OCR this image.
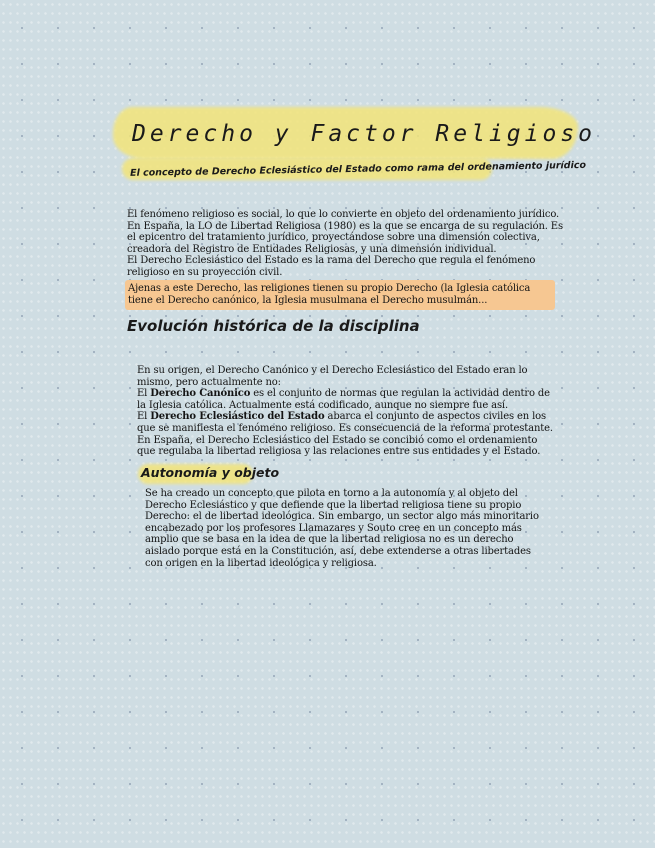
Derecho y Factor Religioso
El concepto de Derecho Eclesiástico del Estado como rama del ordenamiento jurídico

El fenómeno religioso es social, lo que lo convierte en objeto del ordenamiento jurídico.

En España, la LO de Libertad Religiosa (1980) es la que se encarga de su regulación. Es el epicentro del tratamiento jurídico, proyectándose sobre una dimensión colectiva, creadora del Registro de Entidades Religiosas, y una dimensión individual.

El Derecho Eclesiástico del Estado es la rama del Derecho que regula el fenómeno religioso en su proyección civil.

Ajenas a este Derecho, las religiones tienen su propio Derecho (la Iglesia católica tiene el Derecho canónico, la Iglesia musulmana el Derecho musulmán...

Evolución histórica de la disciplina

En su origen, el Derecho Canónico y el Derecho Eclesiástico del Estado eran lo mismo, pero actualmente no:

El Derecho Canónico es el conjunto de normas que regulan la actividad dentro de la Iglesia católica. Actualmente está codificado, aunque no siempre fue así.

El Derecho Eclesiástico del Estado abarca el conjunto de aspectos civiles en los que se manifiesta el fenómeno religioso. Es consecuencia de la reforma protestante.

En España, el Derecho Eclesiástico del Estado se concibió como el ordenamiento que regulaba la libertad religiosa y las relaciones entre sus entidades y el Estado.

Autonomía y objeto

Se ha creado un concepto que pilota en torno a la autonomía y al objeto del Derecho Eclesiástico y que defiende que la libertad religiosa tiene su propio Derecho: el de libertad ideológica. Sin embargo, un sector algo más minoritario encabezado por los profesores Llamazares y Souto cree en un concepto más amplio que se basa en la idea de que la libertad religiosa no es un derecho aislado porque está en la Constitución, así, debe extenderse a otras libertades con origen en la libertad ideológica y religiosa.
